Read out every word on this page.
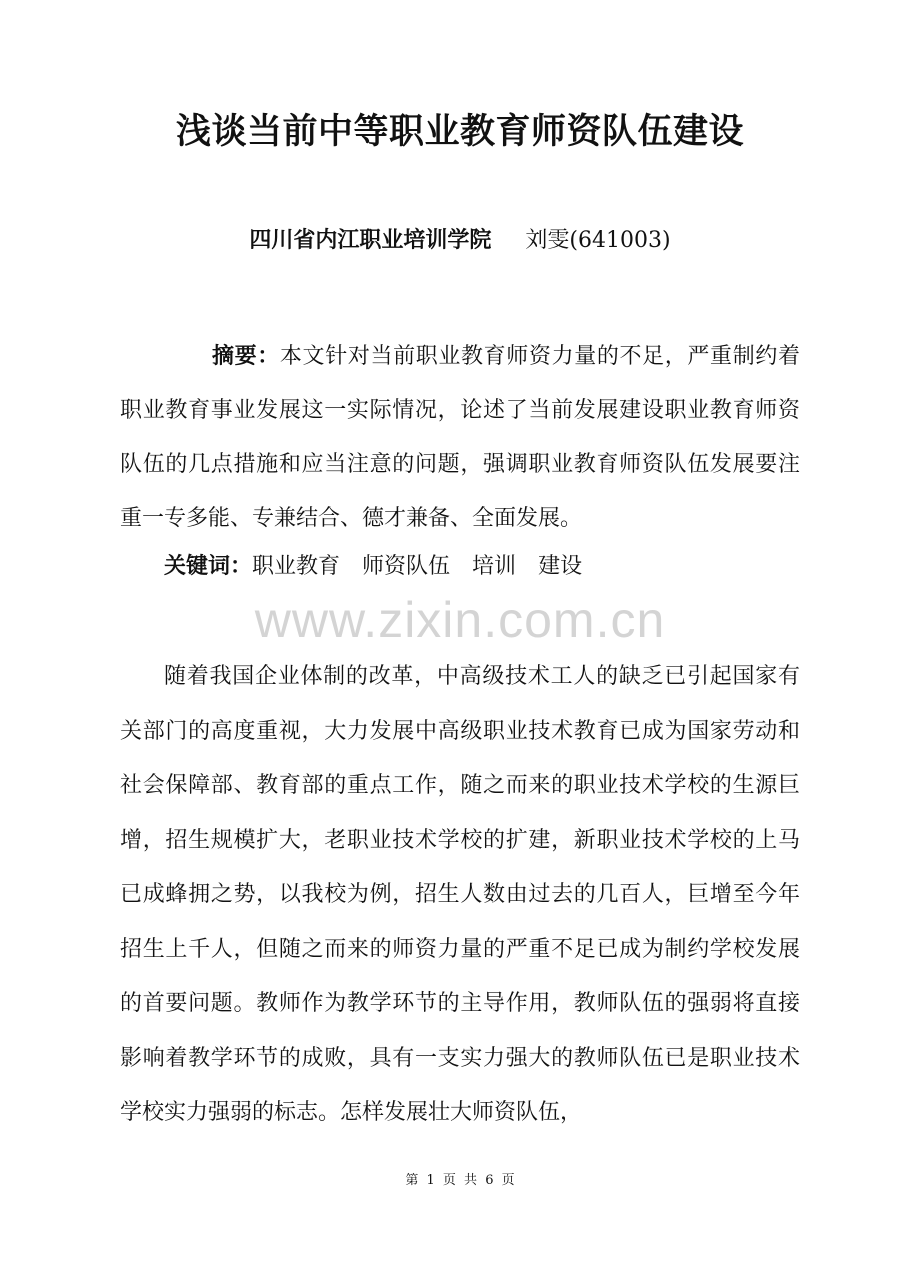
浅谈当前中等职业教育师资队伍建设
四川省内江职业培训学院 刘雯(641003)

摘要：本文针对当前职业教育师资力量的不足，严重制约着职业教育事业发展这一实际情况，论述了当前发展建设职业教育师资队伍的几点措施和应当注意的问题，强调职业教育师资队伍发展要注重一专多能、专兼结合、德才兼备、全面发展。

关键词：职业教育 师资队伍 培训 建设
www.zixin.com.cn

随着我国企业体制的改革，中高级技术工人的缺乏已引起国家有关部门的高度重视，大力发展中高级职业技术教育已成为国家劳动和社会保障部、教育部的重点工作，随之而来的职业技术学校的生源巨增，招生规模扩大，老职业技术学校的扩建，新职业技术学校的上马已成蜂拥之势，以我校为例，招生人数由过去的几百人，巨增至今年招生上千人，但随之而来的师资力量的严重不足已成为制约学校发展的首要问题。教师作为教学环节的主导作用，教师队伍的强弱将直接影响着教学环节的成败，具有一支实力强大的教师队伍已是职业技术学校实力强弱的标志。怎样发展壮大师资队伍，

第 1 页 共 6 页
